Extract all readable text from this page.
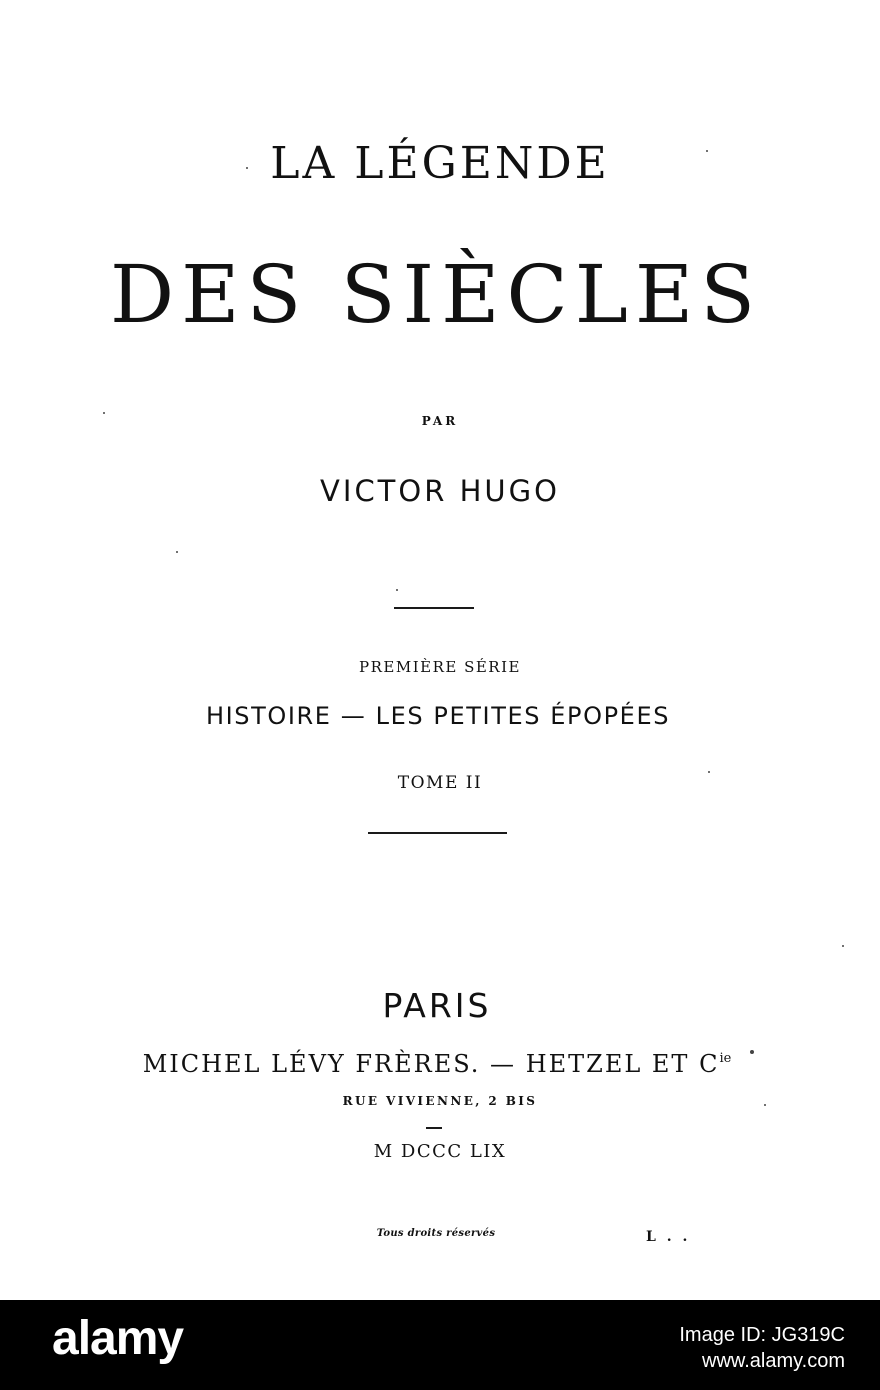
LA LÉGENDE
DES SIÈCLES
PAR
VICTOR HUGO
PREMIÈRE SÉRIE
HISTOIRE — LES PETITES ÉPOPÉES
TOME II
PARIS
MICHEL LÉVY FRÈRES. — HETZEL ET $C^{ie}$
RUE VIVIENNE, 2 BIS
M DCCC LIX
Tous droits réservés	L . .
alamy	Image ID: JG319C
www.alamy.com
